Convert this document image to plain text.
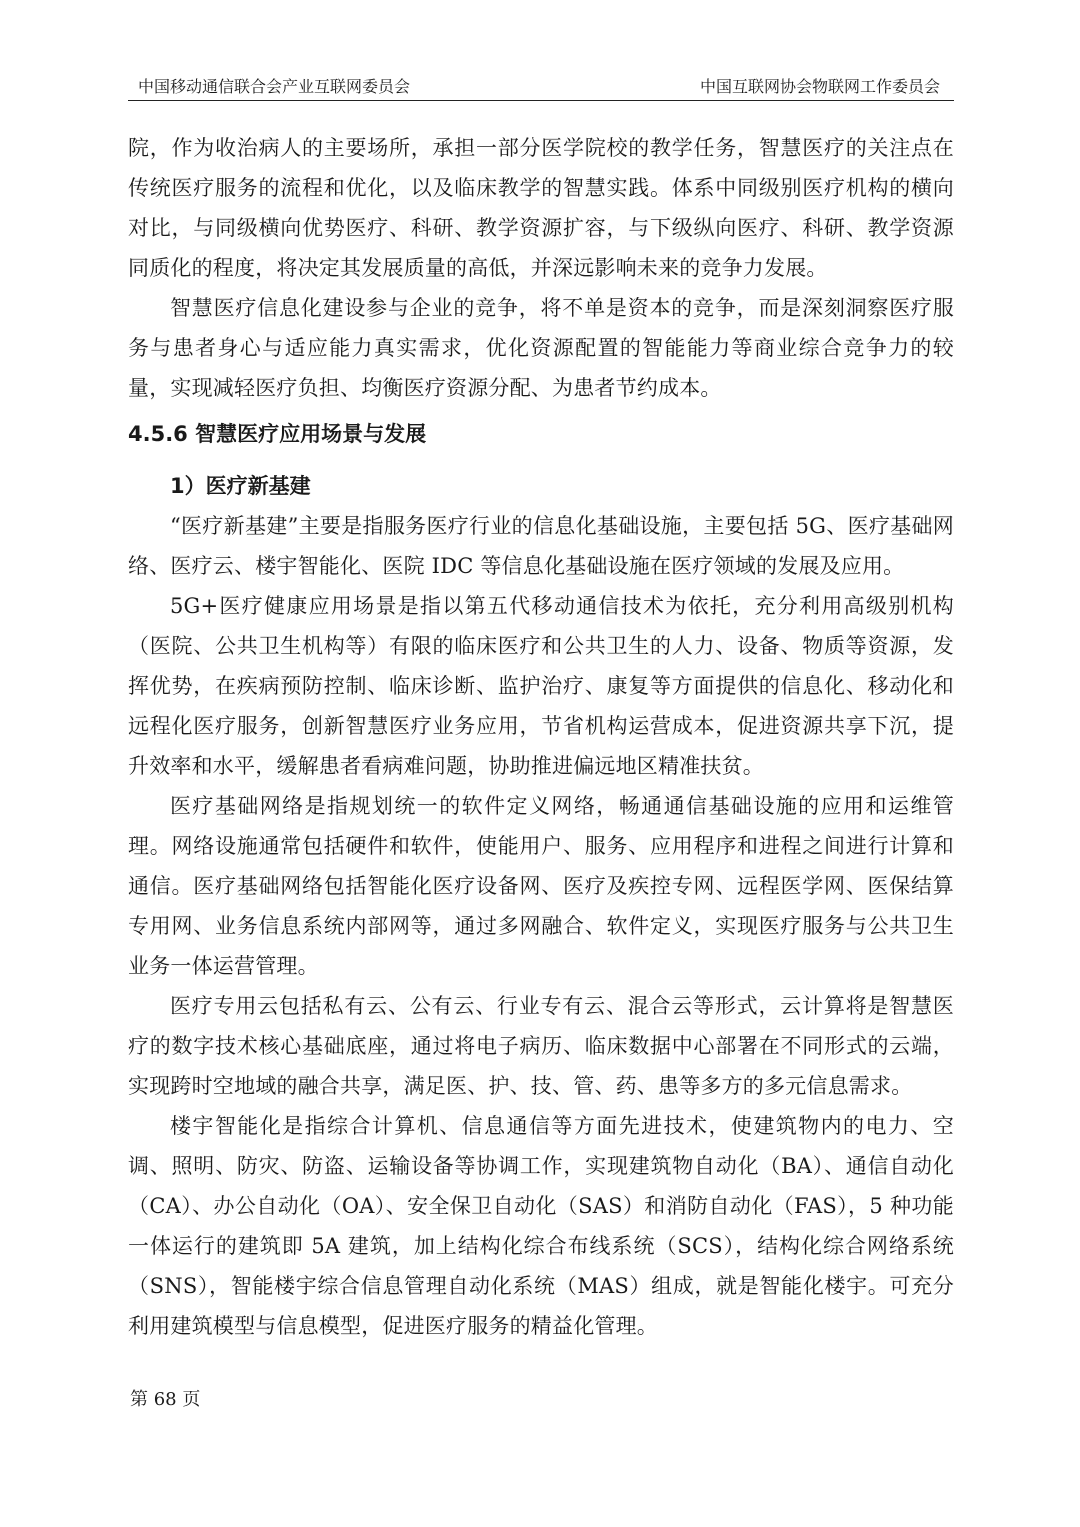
中国移动通信联合会产业互联网委员会	中国互联网协会物联网工作委员会

院，作为收治病人的主要场所，承担一部分医学院校的教学任务，智慧医疗的关注点在传统医疗服务的流程和优化，以及临床教学的智慧实践。体系中同级别医疗机构的横向对比，与同级横向优势医疗、科研、教学资源扩容，与下级纵向医疗、科研、教学资源同质化的程度，将决定其发展质量的高低，并深远影响未来的竞争力发展。

智慧医疗信息化建设参与企业的竞争，将不单是资本的竞争，而是深刻洞察医疗服务与患者身心与适应能力真实需求，优化资源配置的智能能力等商业综合竞争力的较量，实现减轻医疗负担、均衡医疗资源分配、为患者节约成本。

4.5.6 智慧医疗应用场景与发展
1）医疗新基建

“医疗新基建”主要是指服务医疗行业的信息化基础设施，主要包括 5G、医疗基础网络、医疗云、楼宇智能化、医院 IDC 等信息化基础设施在医疗领域的发展及应用。

5G+医疗健康应用场景是指以第五代移动通信技术为依托，充分利用高级别机构（医院、公共卫生机构等）有限的临床医疗和公共卫生的人力、设备、物质等资源，发挥优势，在疾病预防控制、临床诊断、监护治疗、康复等方面提供的信息化、移动化和远程化医疗服务，创新智慧医疗业务应用，节省机构运营成本，促进资源共享下沉，提升效率和水平，缓解患者看病难问题，协助推进偏远地区精准扶贫。

医疗基础网络是指规划统一的软件定义网络，畅通通信基础设施的应用和运维管理。网络设施通常包括硬件和软件，使能用户、服务、应用程序和进程之间进行计算和通信。医疗基础网络包括智能化医疗设备网、医疗及疾控专网、远程医学网、医保结算专用网、业务信息系统内部网等，通过多网融合、软件定义，实现医疗服务与公共卫生业务一体运营管理。

医疗专用云包括私有云、公有云、行业专有云、混合云等形式，云计算将是智慧医疗的数字技术核心基础底座，通过将电子病历、临床数据中心部署在不同形式的云端，实现跨时空地域的融合共享，满足医、护、技、管、药、患等多方的多元信息需求。

楼宇智能化是指综合计算机、信息通信等方面先进技术，使建筑物内的电力、空调、照明、防灾、防盗、运输设备等协调工作，实现建筑物自动化（BA）、通信自动化（CA）、办公自动化（OA）、安全保卫自动化（SAS）和消防自动化（FAS），5 种功能一体运行的建筑即 5A 建筑，加上结构化综合布线系统（SCS），结构化综合网络系统（SNS），智能楼宇综合信息管理自动化系统（MAS）组成，就是智能化楼宇。可充分利用建筑模型与信息模型，促进医疗服务的精益化管理。

第 68 页
